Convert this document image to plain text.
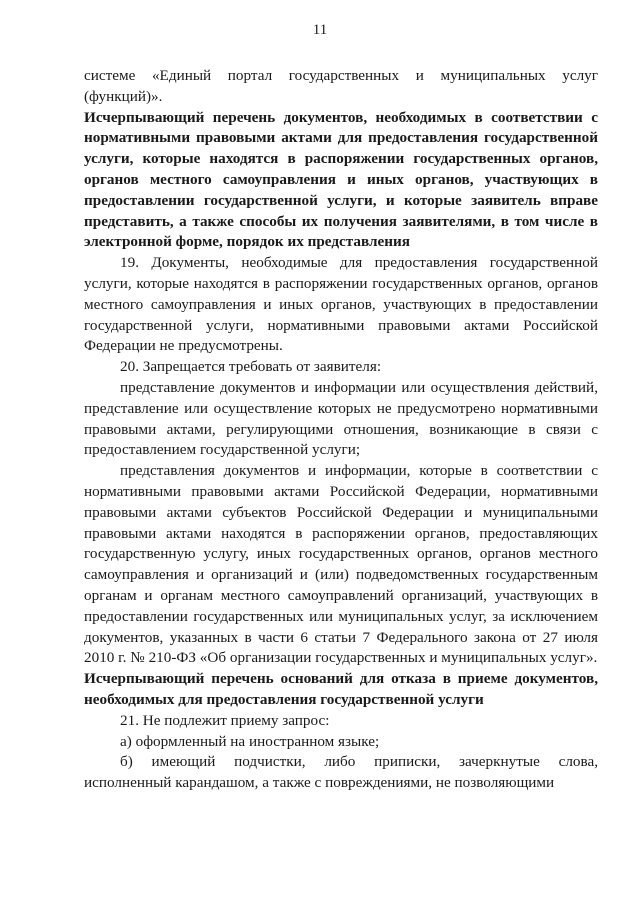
11

системе «Единый портал государственных и муниципальных услуг (функций)».

Исчерпывающий перечень документов, необходимых в соответствии с нормативными правовыми актами для предоставления государственной услуги, которые находятся в распоряжении государственных органов, органов местного самоуправления и иных органов, участвующих в предоставлении государственной услуги, и которые заявитель вправе представить, а также способы их получения заявителями, в том числе в электронной форме, порядок их представления

19. Документы, необходимые для предоставления государственной услуги, которые находятся в распоряжении государственных органов, органов местного самоуправления и иных органов, участвующих в предоставлении государственной услуги, нормативными правовыми актами Российской Федерации не предусмотрены.

20. Запрещается требовать от заявителя:

представление документов и информации или осуществления действий, представление или осуществление которых не предусмотрено нормативными правовыми актами, регулирующими отношения, возникающие в связи с предоставлением государственной услуги;

представления документов и информации, которые в соответствии с нормативными правовыми актами Российской Федерации, нормативными правовыми актами субъектов Российской Федерации и муниципальными правовыми актами находятся в распоряжении органов, предоставляющих государственную услугу, иных государственных органов, органов местного самоуправления и организаций и (или) подведомственных государственным органам и органам местного самоуправлений организаций, участвующих в предоставлении государственных или муниципальных услуг, за исключением документов, указанных в части 6 статьи 7 Федерального закона от 27 июля 2010 г. № 210-ФЗ «Об организации государственных и муниципальных услуг».

Исчерпывающий перечень оснований для отказа в приеме документов, необходимых для предоставления государственной услуги

21. Не подлежит приему запрос:

а) оформленный на иностранном языке;

б) имеющий подчистки, либо приписки, зачеркнутые слова, исполненный карандашом, а также с повреждениями, не позволяющими
